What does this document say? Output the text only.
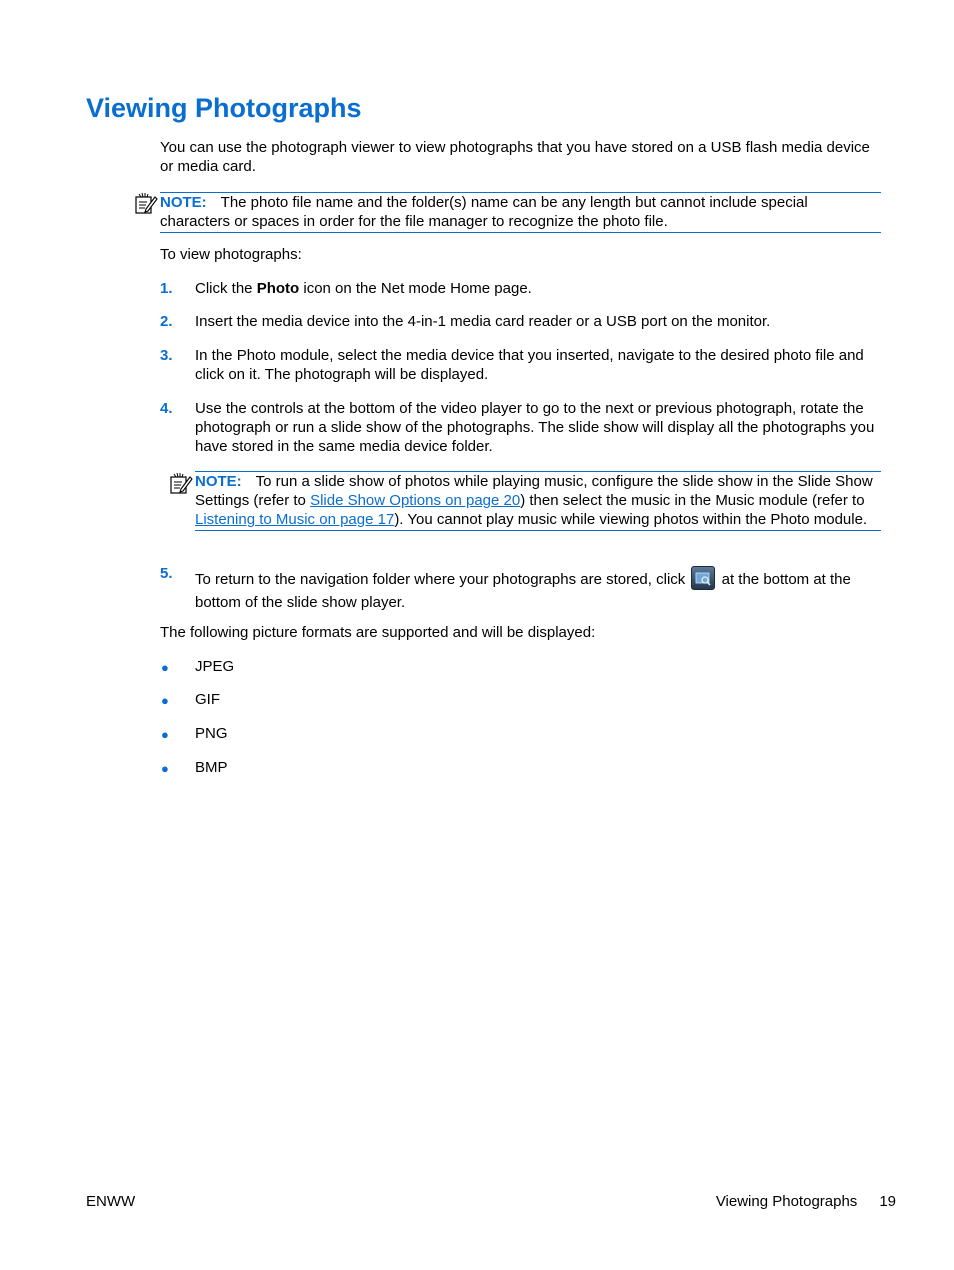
Viewing Photographs

You can use the photograph viewer to view photographs that you have stored on a USB flash media device or media card.

NOTE: The photo file name and the folder(s) name can be any length but cannot include special characters or spaces in order for the file manager to recognize the photo file.

To view photographs:

1. Click the Photo icon on the Net mode Home page.

2. Insert the media device into the 4-in-1 media card reader or a USB port on the monitor.

3. In the Photo module, select the media device that you inserted, navigate to the desired photo file and click on it. The photograph will be displayed.

4. Use the controls at the bottom of the video player to go to the next or previous photograph, rotate the photograph or run a slide show of the photographs. The slide show will display all the photographs you have stored in the same media device folder.

NOTE: To run a slide show of photos while playing music, configure the slide show in the Slide Show Settings (refer to Slide Show Options on page 20) then select the music in the Music module (refer to Listening to Music on page 17). You cannot play music while viewing photos within the Photo module.

5. To return to the navigation folder where your photographs are stored, click
at the bottom at the bottom of the slide show player.

The following picture formats are supported and will be displayed:

● JPEG

● GIF

● PNG

● BMP

ENWW	Viewing Photographs 19
